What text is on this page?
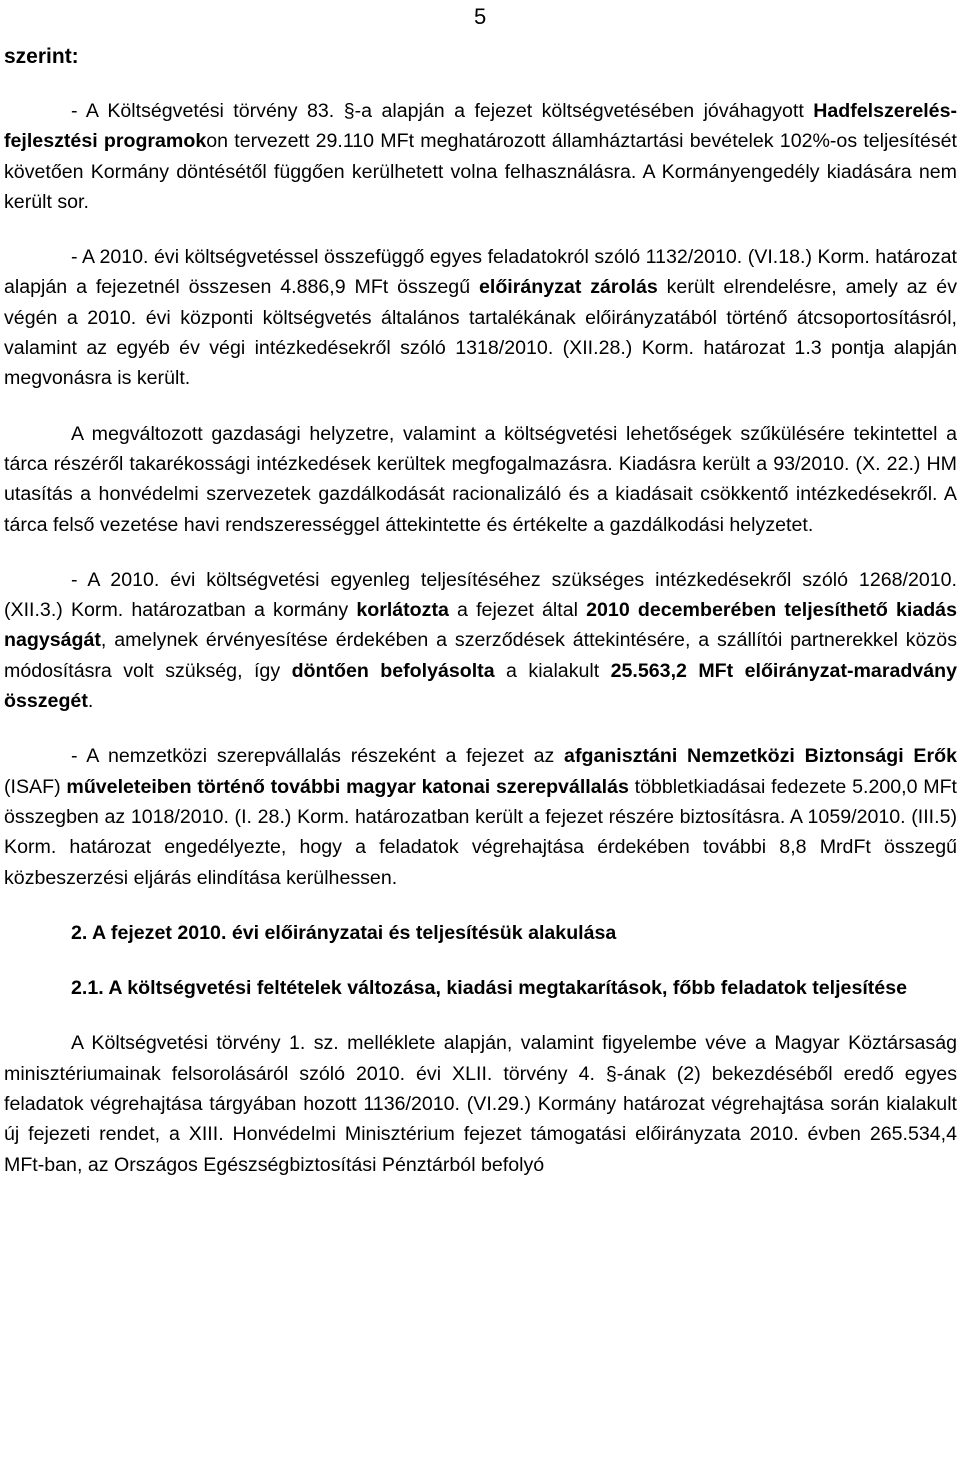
5
szerint:

- A Költségvetési törvény 83. §-a alapján a fejezet költségvetésében jóváhagyott Hadfelszerelés-fejlesztési programokon tervezett 29.110 MFt meghatározott államháztartási bevételek 102%-os teljesítését követően Kormány döntésétől függően kerülhetett volna felhasználásra. A Kormányengedély kiadására nem került sor.

- A 2010. évi költségvetéssel összefüggő egyes feladatokról szóló 1132/2010. (VI.18.) Korm. határozat alapján a fejezetnél összesen 4.886,9 MFt összegű előirányzat zárolás került elrendelésre, amely az év végén a 2010. évi központi költségvetés általános tartalékának előirányzatából történő átcsoportosításról, valamint az egyéb év végi intézkedésekről szóló 1318/2010. (XII.28.) Korm. határozat 1.3 pontja alapján megvonásra is került.

A megváltozott gazdasági helyzetre, valamint a költségvetési lehetőségek szűkülésére tekintettel a tárca részéről takarékossági intézkedések kerültek megfogalmazásra. Kiadásra került a 93/2010. (X. 22.) HM utasítás a honvédelmi szervezetek gazdálkodását racionalizáló és a kiadásait csökkentő intézkedésekről. A tárca felső vezetése havi rendszerességgel áttekintette és értékelte a gazdálkodási helyzetet.

- A 2010. évi költségvetési egyenleg teljesítéséhez szükséges intézkedésekről szóló 1268/2010. (XII.3.) Korm. határozatban a kormány korlátozta a fejezet által 2010 decemberében teljesíthető kiadás nagyságát, amelynek érvényesítése érdekében a szerződések áttekintésére, a szállítói partnerekkel közös módosításra volt szükség, így döntően befolyásolta a kialakult 25.563,2 MFt előirányzat-maradvány összegét.

- A nemzetközi szerepvállalás részeként a fejezet az afganisztáni Nemzetközi Biztonsági Erők (ISAF) műveleteiben történő további magyar katonai szerepvállalás többletkiadásai fedezete 5.200,0 MFt összegben az 1018/2010. (I. 28.) Korm. határozatban került a fejezet részére biztosításra. A 1059/2010. (III.5) Korm. határozat engedélyezte, hogy a feladatok végrehajtása érdekében további 8,8 MrdFt összegű közbeszerzési eljárás elindítása kerülhessen.

2. A fejezet 2010. évi előirányzatai és teljesítésük alakulása

2.1. A költségvetési feltételek változása, kiadási megtakarítások, főbb feladatok teljesítése

A Költségvetési törvény 1. sz. melléklete alapján, valamint figyelembe véve a Magyar Köztársaság minisztériumainak felsorolásáról szóló 2010. évi XLII. törvény 4. §-ának (2) bekezdéséből eredő egyes feladatok végrehajtása tárgyában hozott 1136/2010. (VI.29.) Kormány határozat végrehajtása során kialakult új fejezeti rendet, a XIII. Honvédelmi Minisztérium fejezet támogatási előirányzata 2010. évben 265.534,4 MFt-ban, az Országos Egészségbiztosítási Pénztárból befolyó
